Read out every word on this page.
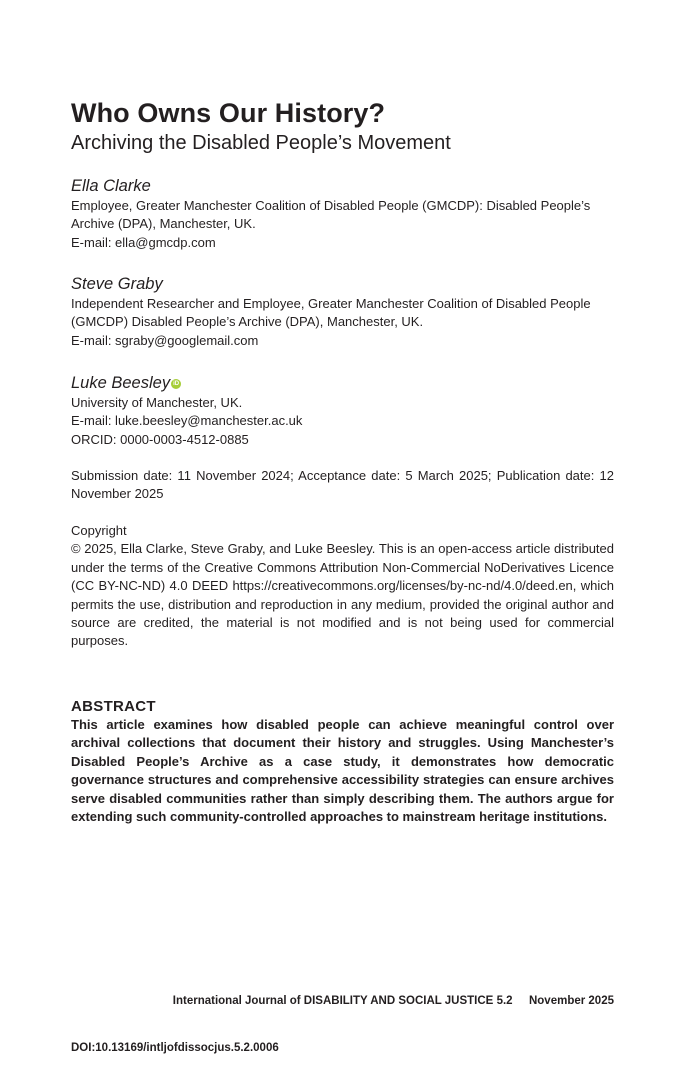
Who Owns Our History?
Archiving the Disabled People’s Movement
Ella Clarke
Employee, Greater Manchester Coalition of Disabled People (GMCDP): Disabled People’s
Archive (DPA), Manchester, UK.
E-mail: ella@gmcdp.com
Steve Graby
Independent Researcher and Employee, Greater Manchester Coalition of Disabled People
(GMCDP) Disabled People’s Archive (DPA), Manchester, UK.
E-mail: sgraby@googlemail.com
Luke Beesley iD
University of Manchester, UK.
E-mail: luke.beesley@manchester.ac.uk
ORCID: 0000-0003-4512-0885
Submission date: 11 November 2024; Acceptance date: 5 March 2025; Publication date: 12 November 2025
Copyright
© 2025, Ella Clarke, Steve Graby, and Luke Beesley. This is an open-access article distributed under the terms of the Creative Commons Attribution Non-Commercial NoDerivatives Licence (CC BY-NC-ND) 4.0 DEED https://creativecommons.org/licenses/by-nc-nd/4.0/deed.en, which permits the use, distribution and reproduction in any medium, provided the original author and source are credited, the material is not modified and is not being used for commercial purposes.
ABSTRACT
This article examines how disabled people can achieve meaningful control over archival collections that document their history and struggles. Using Manchester’s Disabled People’s Archive as a case study, it demonstrates how democratic governance structures and comprehensive accessibility strategies can ensure archives serve disabled communities rather than simply describing them. The authors argue for extending such community-controlled approaches to mainstream heritage institutions.
International Journal of DISABILITY AND SOCIAL JUSTICE 5.2 November 2025
DOI:10.13169/intljofdissocjus.5.2.0006
